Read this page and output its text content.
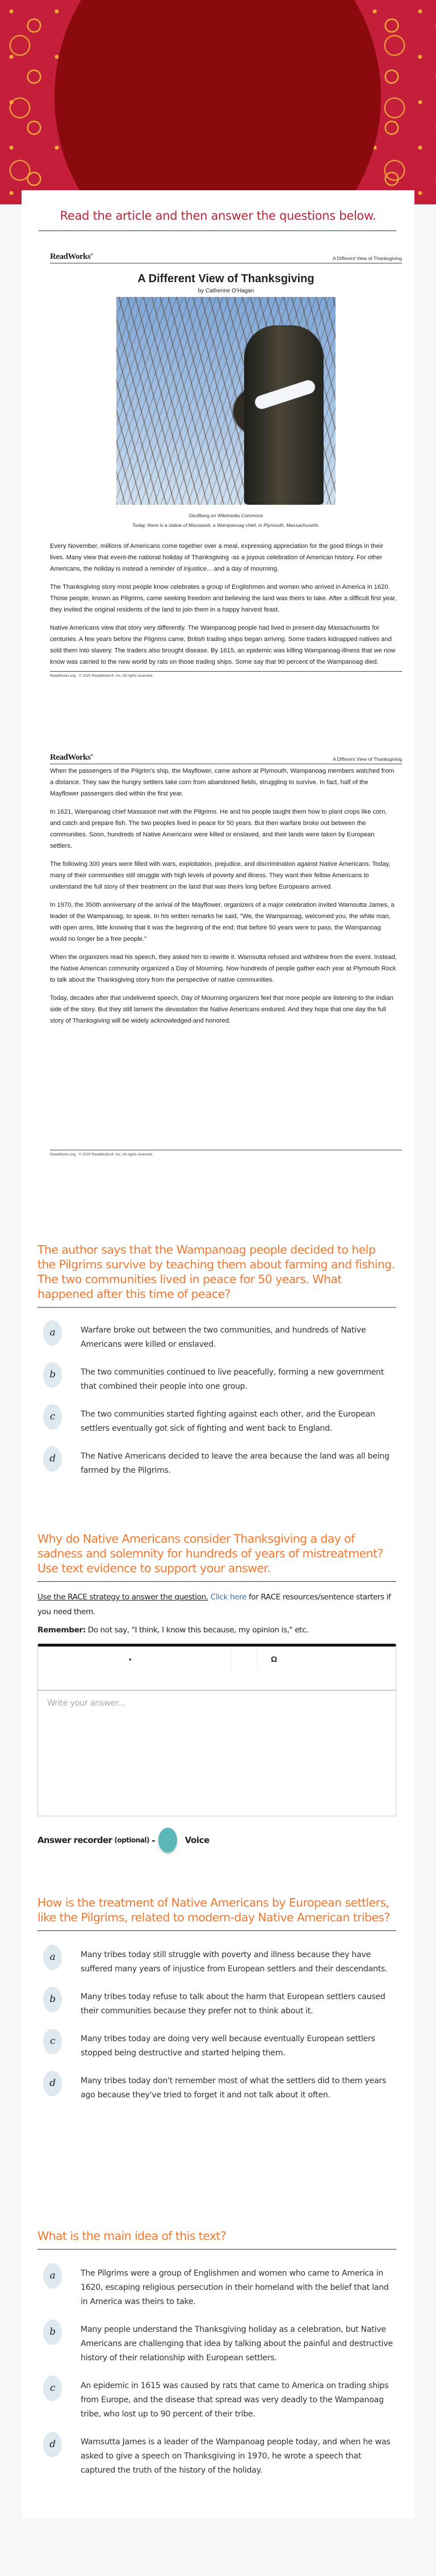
Read the article and then answer the questions below.
ReadWorks®
A Different View of Thanksgiving
A Different View of Thanksgiving
by Catherine O'Hagan
Gkullberg on Wikimedia Commons
Today, there is a statue of Massasoit, a Wampanoag chief, in Plymouth, Massachusetts.

Every November, millions of Americans come together over a meal, expressing appreciation for the good things in their lives. Many view that event-the national holiday of Thanksgiving -as a joyous celebration of American history. For other Americans, the holiday is instead a reminder of injustice... and a day of mourning.

The Thanksgiving story most people know celebrates a group of Englishmen and women who arrived in America in 1620. Those people, known as Pilgrims, came seeking freedom and believing the land was theirs to take. After a difficult first year, they invited the original residents of the land to join them in a happy harvest feast.

Native Americans view that story very differently. The Wampanoag people had lived in present-day Massachusetts for centuries. A few years before the Pilgrims came, British trading ships began arriving. Some traders kidnapped natives and sold them into slavery. The traders also brought disease. By 1615, an epidemic was killing Wampanoag-illness that we now know was carried to the new world by rats on those trading ships. Some say that 90 percent of the Wampanoag died.

ReadWorks.org · © 2020 ReadWorks®, Inc. All rights reserved.
ReadWorks®
A Different View of Thanksgiving

When the passengers of the Pilgrim's ship, the Mayflower, came ashore at Plymouth, Wampanoag members watched from a distance. They saw the hungry settlers take corn from abandoned fields, struggling to survive. In fact, half of the Mayflower passengers died within the first year.

In 1621, Wampanoag chief Massasoit met with the Pilgrims. He and his people taught them how to plant crops like corn, and catch and prepare fish. The two peoples lived in peace for 50 years. But then warfare broke out between the communities. Soon, hundreds of Native Americans were killed or enslaved, and their lands were taken by European settlers.

The following 300 years were filled with wars, exploitation, prejudice, and discrimination against Native Americans. Today, many of their communities still struggle with high levels of poverty and illness. They want their fellow Americans to understand the full story of their treatment on the land that was theirs long before Europeans arrived.

In 1970, the 350th anniversary of the arrival of the Mayflower, organizers of a major celebration invited Wamsutta James, a leader of the Wampanoag, to speak. In his written remarks he said, "We, the Wampanoag, welcomed you, the white man, with open arms, little knowing that it was the beginning of the end; that before 50 years were to pass, the Wampanoag would no longer be a free people."

When the organizers read his speech, they asked him to rewrite it. Wamsutta refused and withdrew from the event. Instead, the Native American community organized a Day of Mourning. Now hundreds of people gather each year at Plymouth Rock to talk about the Thanksgiving story from the perspective of native communities.

Today, decades after that undelivered speech, Day of Mourning organizers feel that more people are listening to the Indian side of the story. But they still lament the devastation the Native Americans endured. And they hope that one day the full story of Thanksgiving will be widely acknowledged-and honored.

ReadWorks.org · © 2020 ReadWorks®, Inc. All rights reserved.
The author says that the Wampanoag people decided to help the Pilgrims survive by teaching them about farming and fishing. The two communities lived in peace for 50 years. What happened after this time of peace?
a	Warfare broke out between the two communities, and hundreds of Native Americans were killed or enslaved.
b	The two communities continued to live peacefully, forming a new government that combined their people into one group.
c	The two communities started fighting against each other, and the European settlers eventually got sick of fighting and went back to England.
d	The Native Americans decided to leave the area because the land was all being farmed by the Pilgrims.
Why do Native Americans consider Thanksgiving a day of sadness and solemnity for hundreds of years of mistreatment? Use text evidence to support your answer.
Use the RACE strategy to answer the question. Click here for RACE resources/sentence starters if you need them.
Remember: Do not say, "I think, I know this because, my opinion is," etc.
▾	Ω
Write your answer...
Answer recorder (optional) -	Voice
How is the treatment of Native Americans by European settlers, like the Pilgrims, related to modern-day Native American tribes?
a	Many tribes today still struggle with poverty and illness because they have suffered many years of injustice from European settlers and their descendants.
b	Many tribes today refuse to talk about the harm that European settlers caused their communities because they prefer not to think about it.
c	Many tribes today are doing very well because eventually European settlers stopped being destructive and started helping them.
d	Many tribes today don't remember most of what the settlers did to them years ago because they've tried to forget it and not talk about it often.
What is the main idea of this text?
a	The Pilgrims were a group of Englishmen and women who came to America in 1620, escaping religious persecution in their homeland with the belief that land in America was theirs to take.
b	Many people understand the Thanksgiving holiday as a celebration, but Native Americans are challenging that idea by talking about the painful and destructive history of their relationship with European settlers.
c	An epidemic in 1615 was caused by rats that came to America on trading ships from Europe, and the disease that spread was very deadly to the Wampanoag tribe, who lost up to 90 percent of their tribe.
d	Wamsutta James is a leader of the Wampanoag people today, and when he was asked to give a speech on Thanksgiving in 1970, he wrote a speech that captured the truth of the history of the holiday.
